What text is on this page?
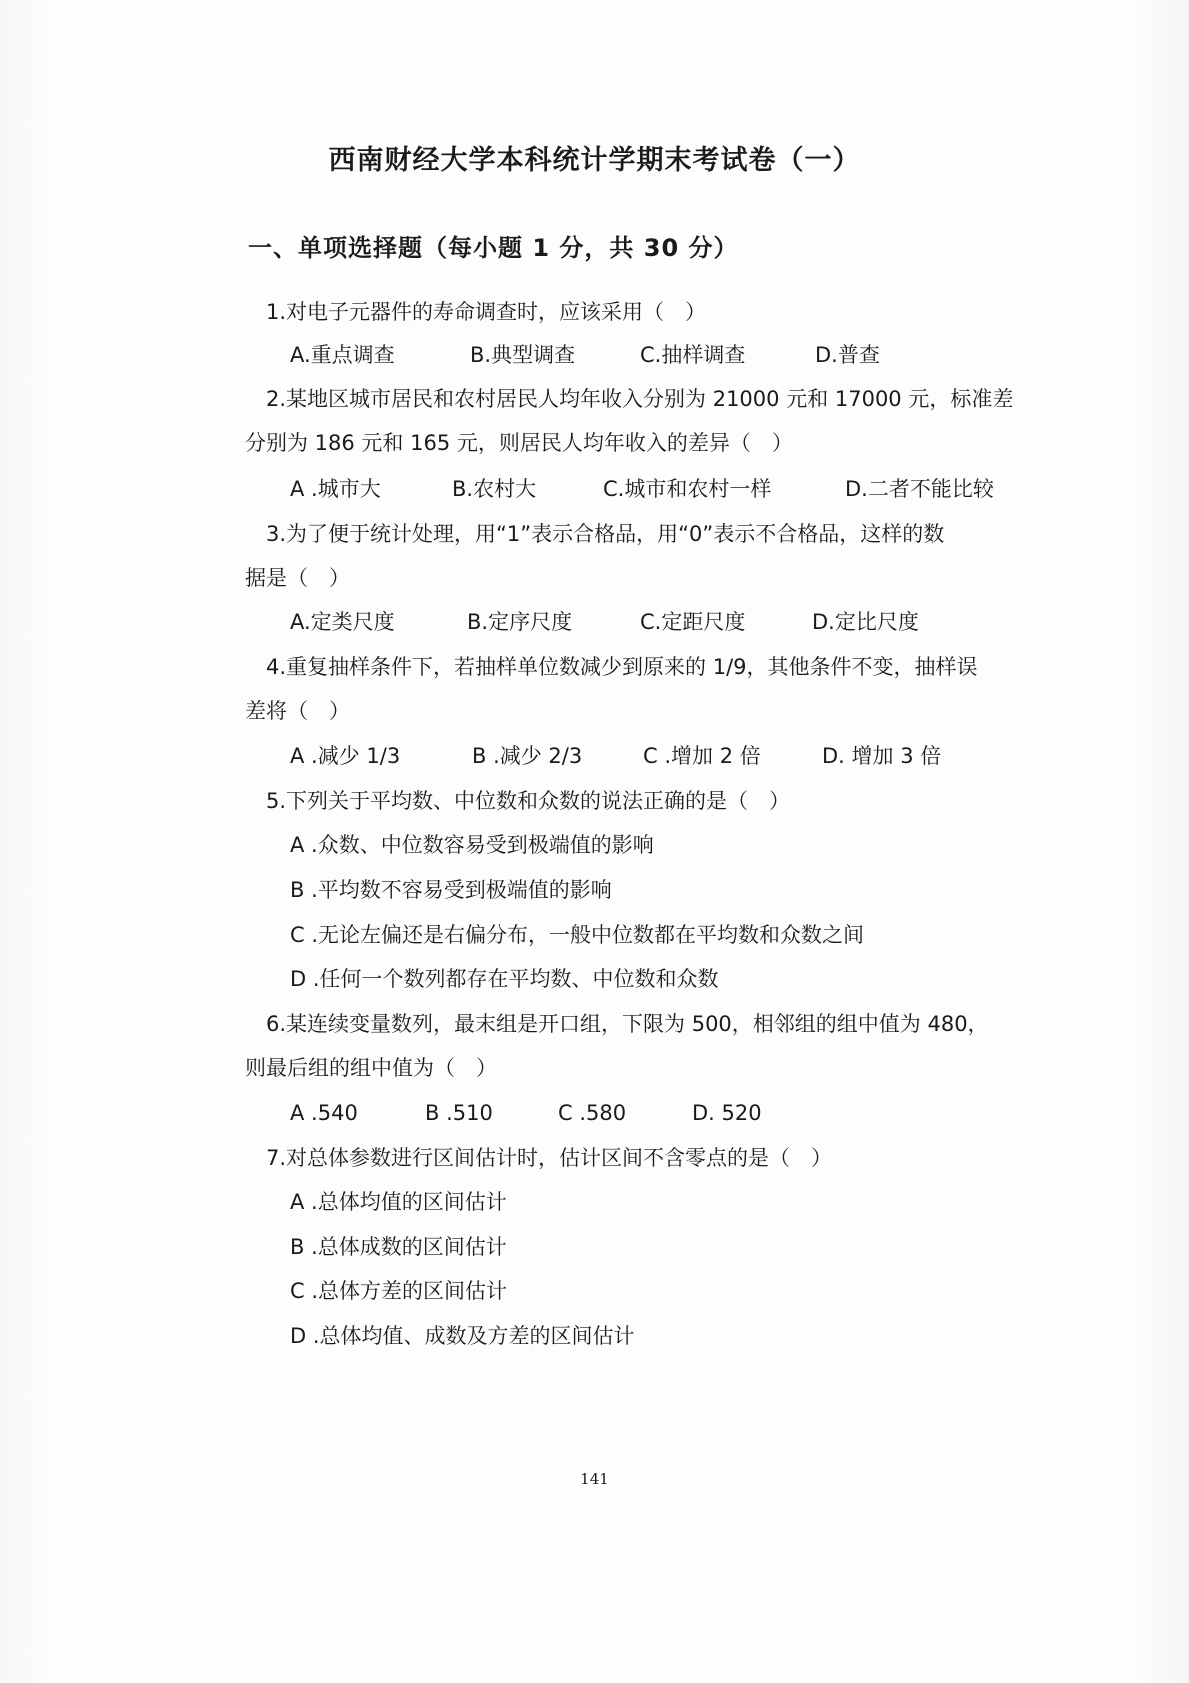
西南财经大学本科统计学期末考试卷（一）
一、单项选择题（每小题 1 分，共 30 分）
1.对电子元器件的寿命调查时，应该采用（　）
A.重点调查	B.典型调查	C.抽样调查	D.普查
2.某地区城市居民和农村居民人均年收入分别为 21000 元和 17000 元，标准差
分别为 186 元和 165 元，则居民人均年收入的差异（　）
A .城市大	B.农村大	C.城市和农村一样	D.二者不能比较
3.为了便于统计处理，用“1”表示合格品，用“0”表示不合格品，这样的数
据是（　）
A.定类尺度	B.定序尺度	C.定距尺度	D.定比尺度
4.重复抽样条件下，若抽样单位数减少到原来的 1/9，其他条件不变，抽样误
差将（　）
A .减少 1/3	B .减少 2/3	C .增加 2 倍	D. 增加 3 倍
5.下列关于平均数、中位数和众数的说法正确的是（　）
A .众数、中位数容易受到极端值的影响
B .平均数不容易受到极端值的影响
C .无论左偏还是右偏分布，一般中位数都在平均数和众数之间
D .任何一个数列都存在平均数、中位数和众数
6.某连续变量数列，最末组是开口组，下限为 500，相邻组的组中值为 480，
则最后组的组中值为（　）
A .540	B .510	C .580	D. 520
7.对总体参数进行区间估计时，估计区间不含零点的是（　）
A .总体均值的区间估计
B .总体成数的区间估计
C .总体方差的区间估计
D .总体均值、成数及方差的区间估计
141
